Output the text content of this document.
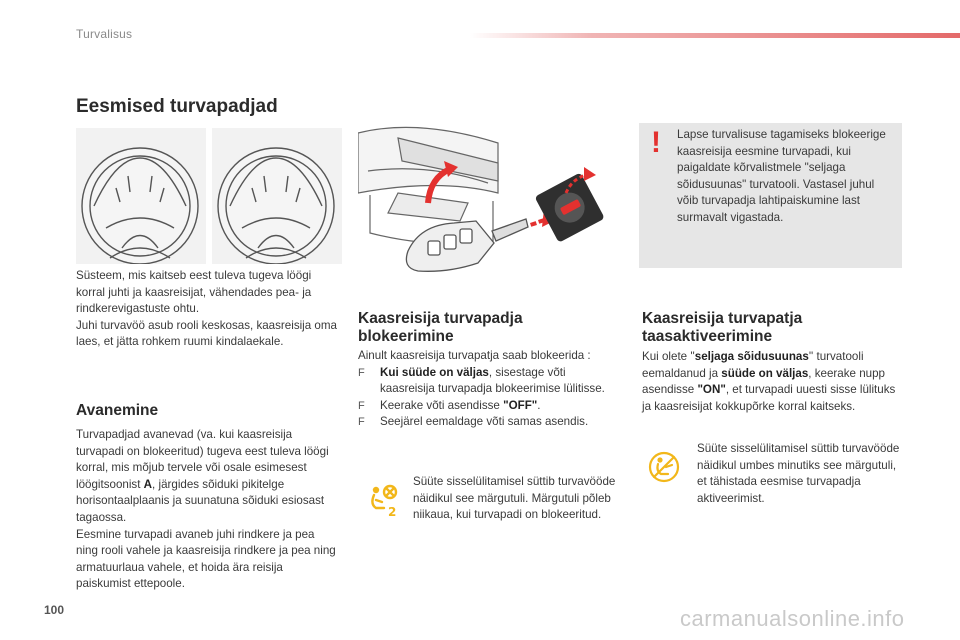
Turvalisus
Eesmised turvapadjad
Süsteem, mis kaitseb eest tuleva tugeva löögi korral juhti ja kaasreisijat, vähendades pea- ja rindkerevigastuste ohtu.
Juhi turvavöö asub rooli keskosas, kaasreisija oma laes, et jätta rohkem ruumi kindalaekale.
Avanemine
Turvapadjad avanevad (va. kui kaasreisija turvapadi on blokeeritud) tugeva eest tuleva löögi korral, mis mõjub tervele või osale esimesest löögitsoonist A, järgides sõiduki pikitelge horisontaalplaanis ja suunatuna sõiduki esiosast tagaossa.
Eesmine turvapadi avaneb juhi rindkere ja pea ning rooli vahele ja kaasreisija rindkere ja pea ning armatuurlaua vahele, et hoida ära reisija paiskumist ettepoole.
Kaasreisija turvapadja
blokeerimine
Ainult kaasreisija turvapatja saab blokeerida :
F Kui süüde on väljas, sisestage võti kaasreisija turvapadja blokeerimise lülitisse.
F Keerake võti asendisse "OFF".
F Seejärel eemaldage võti samas asendis.
2
Süüte sisselülitamisel süttib turvavööde näidikul see märgutuli. Märgutuli põleb niikaua, kui turvapadi on blokeeritud.
! Lapse turvalisuse tagamiseks blokeerige kaasreisija eesmine turvapadi, kui paigaldate kõrvalistmele "seljaga sõidusuunas" turvatooli. Vastasel juhul võib turvapadja lahtipaiskumine last surmavalt vigastada.
Kaasreisija turvapatja
taasaktiveerimine
Kui olete ''seljaga sõidusuunas'' turvatooli eemaldanud ja süüde on väljas, keerake nupp asendisse "ON", et turvapadi uuesti sisse lülituks ja kaasreisijat kokkupõrke korral kaitseks.
Süüte sisselülitamisel süttib turvavööde näidikul umbes minutiks see märgutuli, et tähistada eesmise turvapadja aktiveerimist.
100	carmanualsonline.info
